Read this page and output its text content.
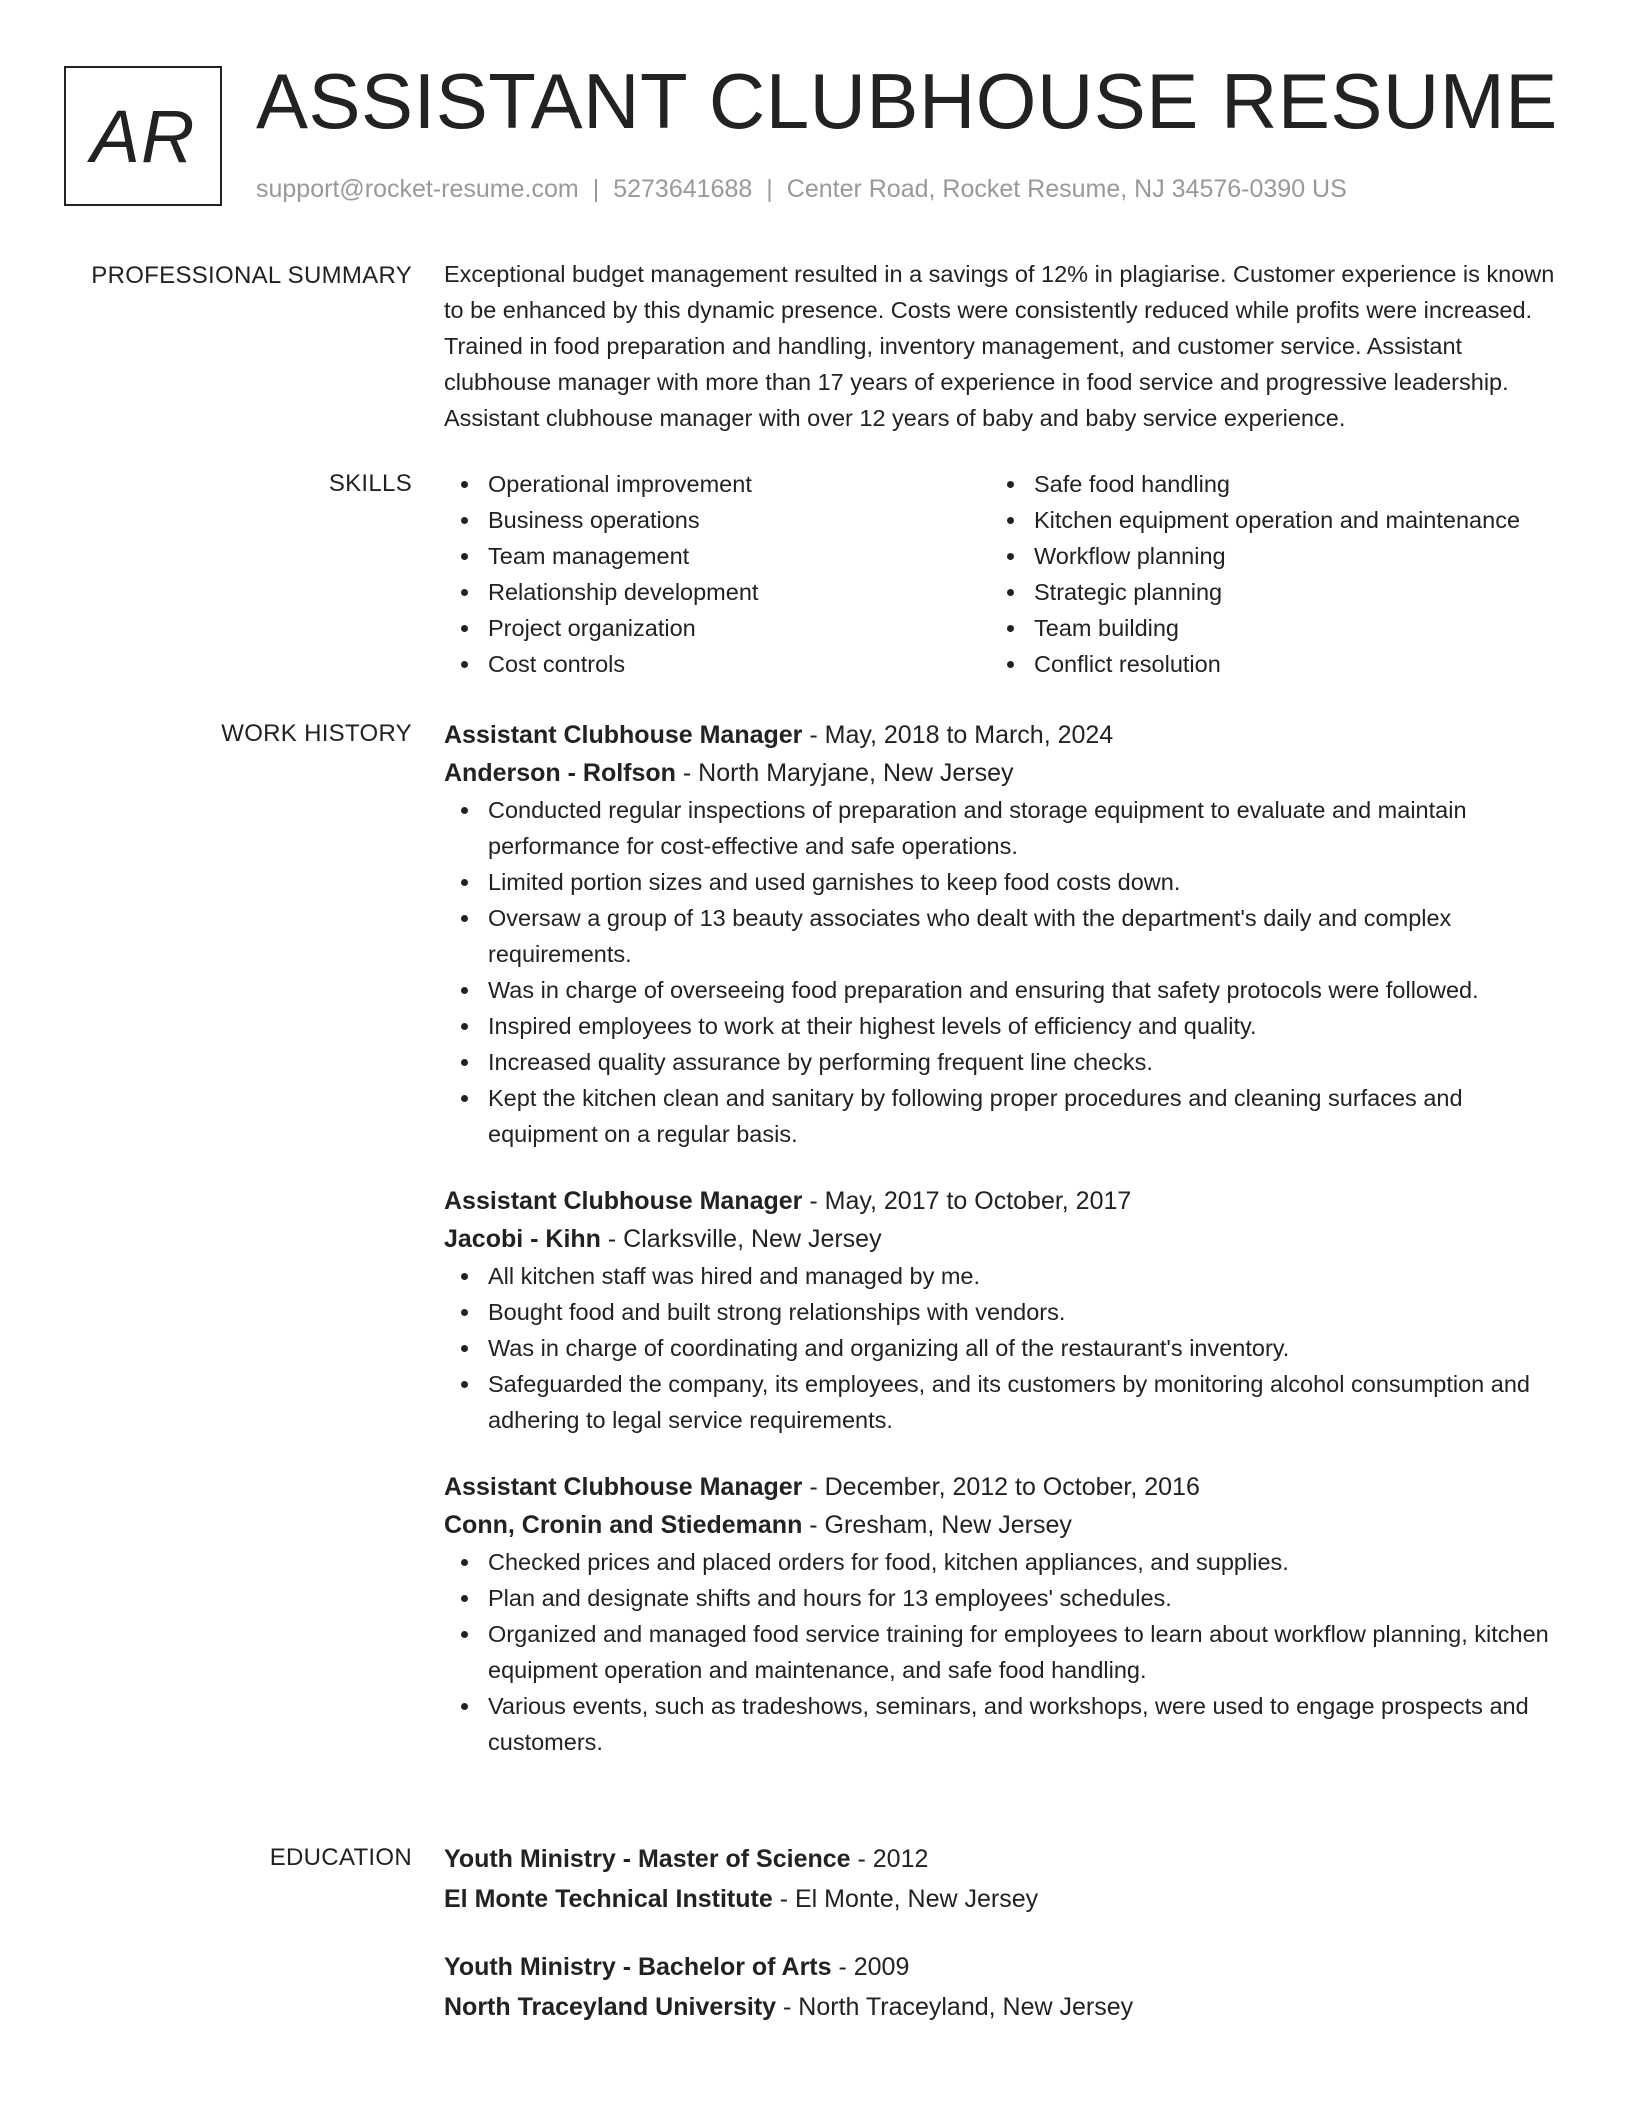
AR ASSISTANT CLUBHOUSE RESUME
support@rocket-resume.com | 5273641688 | Center Road, Rocket Resume, NJ 34576-0390 US
PROFESSIONAL SUMMARY Exceptional budget management resulted in a savings of 12% in plagiarise. Customer experience is known to be enhanced by this dynamic presence. Costs were consistently reduced while profits were increased. Trained in food preparation and handling, inventory management, and customer service. Assistant clubhouse manager with more than 17 years of experience in food service and progressive leadership. Assistant clubhouse manager with over 12 years of baby and baby service experience.

SKILLS	Operational improvement
Business operations
Team management
Relationship development
Project organization
Cost controls
Safe food handling
Kitchen equipment operation and maintenance
Workflow planning
Strategic planning
Team building
Conflict resolution
WORK HISTORY Assistant Clubhouse Manager - May, 2018 to March, 2024
Anderson - Rolfson - North Maryjane, New Jersey
Conducted regular inspections of preparation and storage equipment to evaluate and maintain performance for cost-effective and safe operations.
Limited portion sizes and used garnishes to keep food costs down.
Oversaw a group of 13 beauty associates who dealt with the department's daily and complex requirements.
Was in charge of overseeing food preparation and ensuring that safety protocols were followed.
Inspired employees to work at their highest levels of efficiency and quality.
Increased quality assurance by performing frequent line checks.
Kept the kitchen clean and sanitary by following proper procedures and cleaning surfaces and equipment on a regular basis.
Assistant Clubhouse Manager - May, 2017 to October, 2017
Jacobi - Kihn - Clarksville, New Jersey
All kitchen staff was hired and managed by me.
Bought food and built strong relationships with vendors.
Was in charge of coordinating and organizing all of the restaurant's inventory.
Safeguarded the company, its employees, and its customers by monitoring alcohol consumption and adhering to legal service requirements.
Assistant Clubhouse Manager - December, 2012 to October, 2016
Conn, Cronin and Stiedemann - Gresham, New Jersey
Checked prices and placed orders for food, kitchen appliances, and supplies.
Plan and designate shifts and hours for 13 employees' schedules.
Organized and managed food service training for employees to learn about workflow planning, kitchen equipment operation and maintenance, and safe food handling.
Various events, such as tradeshows, seminars, and workshops, were used to engage prospects and customers.
EDUCATION Youth Ministry - Master of Science - 2012
El Monte Technical Institute - El Monte, New Jersey
Youth Ministry - Bachelor of Arts - 2009
North Traceyland University - North Traceyland, New Jersey
